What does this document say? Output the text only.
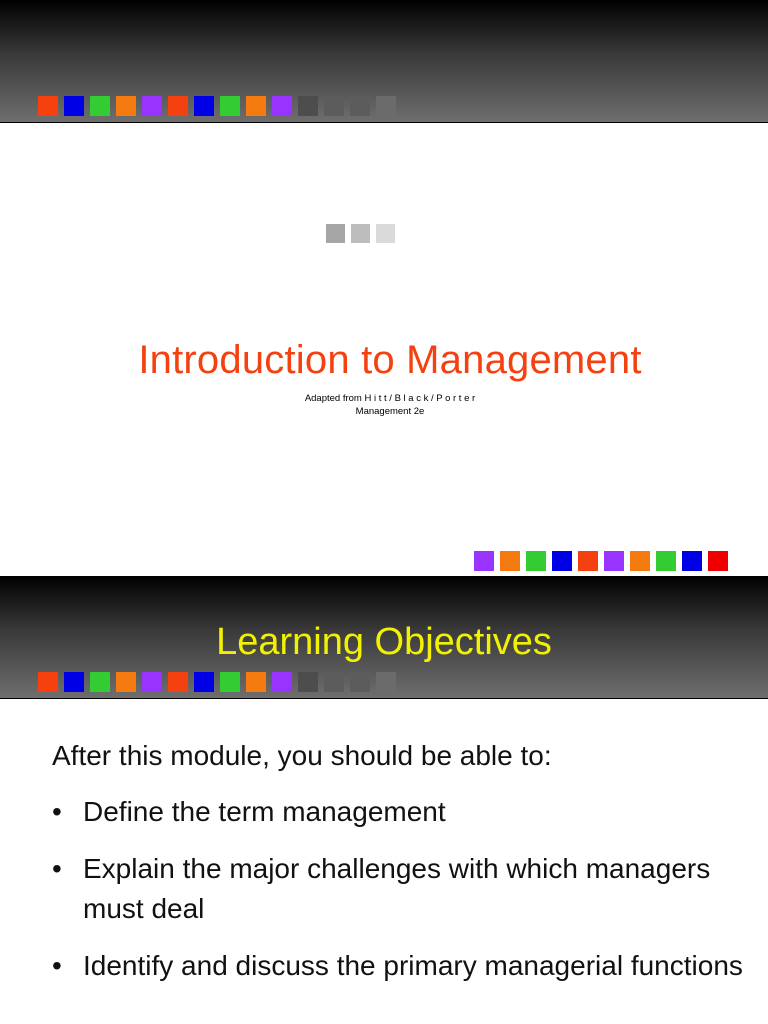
Introduction to Management
Adapted from H i t t / B l a c k / P o r t e r
Management 2e
Learning Objectives

After this module, you should be able to:

• Define the term management
• Explain the major challenges with which managers must deal
• Identify and discuss the primary managerial functions
